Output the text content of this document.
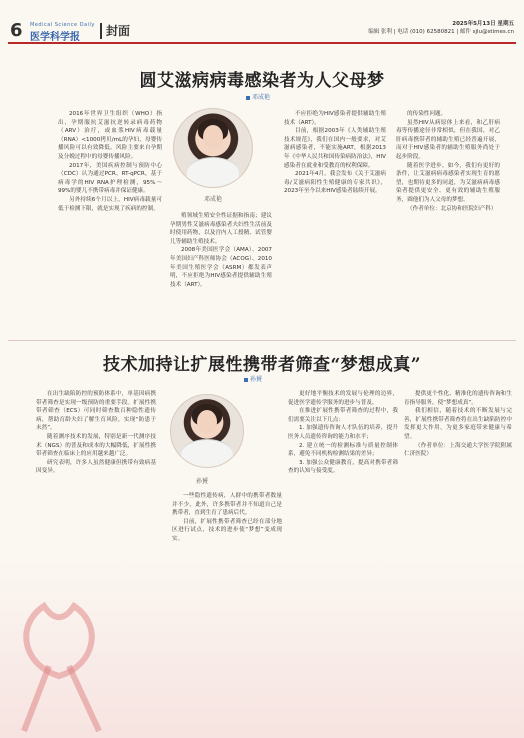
6 Medical Science Daily
医学科学报	封面	2025年5月13日 星期五
编辑 张利 | 电话 (010) 62580821 | 邮件 sjlu@stimes.cn
圆艾滋病病毒感染者为人父母梦
邓成艳

2016年世界卫生组织（WHO）指出，孕期服抗艾滋抗逆转录病毒药物（ARV）治疗，或血浆HIV病毒载量（RNA）<1000拷贝/mL的孕妇，母婴传播风险可以有效降低。风险主要来自孕期及分娩过程中的母婴传播风险。

2017年，美国疾病控制与预防中心（CDC）认为通过PCR、RT-qPCR，基于病毒学的HIV RNA护理检测，95%～99%的婴儿不携带病毒并保证健康。

另外持续6个月以上，HIV病毒载量可低于检测下限，就是实现了疾病的控制。

邓成艳

殖领域生殖安全性证据和指南；建议孕期男性艾滋病毒感染者夫妇性生活前及时使用药物，以及宫内人工授精、试管婴儿等辅助生殖技术。

2008年美国医学会（AMA）、2007年美国妇产科医师协会（ACOG）、2010年美国生殖医学会（ASRM）都发表声明，不应拒绝为HIV感染者提供辅助生殖技术（ART）。

不应拒绝为HIV感染者提供辅助生殖技术（ART）。

目前，根据2003年《人类辅助生殖技术规范》，我们在国内一般要求，对艾滋病感染者，不能实施ART，根据2013年《中华人民共和国传染病防治法》，HIV感染者在就业和受教育的权利保障。

2021年4月，我会发布《关于艾滋病毒/艾滋病阳性生殖健康的专家共识》，2023年至今以来HIV感染者陆续开展。

的传染性问题。

虽然HIV从病原体上来看，和乙肝病毒等传播途径非常相似，但在我国，对乙肝病毒携带者的辅助生殖已经普遍开展，而对于HIV感染者的辅助生殖服务尚处于起步阶段。

随着医学进步，如今，我们有更好的条件，让艾滋病病毒感染者实现生育的愿望，也期待更多的同道，为艾滋病病毒感染者提供更安全、更有效的辅助生殖服务，圆他们为人父母的梦想。

（作者单位：北京协和医院妇产科）

技术加持让扩展性携带者筛查“梦想成真”
孙贇

在出生缺陷防控的预防体系中，单基因病携带者筛查是实现一级预防的重要手段。扩展性携带者筛查（ECS）可同时筛查数百种隐性遗传病，帮助育龄夫妇了解生育风险，实现“防患于未然”。

随着测序技术的发展，特别是新一代测序技术（NGS）的普及和成本的大幅降低，扩展性携带者筛查在临床上的应用越来越广泛。

研究表明，许多人虽然健康但携带有致病基因变异。

孙贇

一些隐性遗传病，人群中的携带者数量并不少。此外，许多携带者并不知道自己是携带者，直到生育了患病后代。

目前，扩展性携带者筛查已经在部分地区进行试点，技术的进步使“梦想”变成现实。

更好地平衡技术的发展与伦理的边界，促进医学遗传学服务的进步与普及。

在推进扩展性携带者筛查的过程中，我们需要关注以下几点：

1. 加强遗传咨询人才队伍的培养，提升医务人员遗传咨询的能力和水平；

2. 建立统一的检测标准与质量控制体系，避免不同机构检测结果的差异；

3. 加强公众健康教育，提高对携带者筛查的认知与接受度。

提供更个性化、精准化的遗传咨询和生育指导服务，使“梦想成真”。

我们相信，随着技术的不断发展与完善，扩展性携带者筛查将在出生缺陷防控中发挥更大作用，为更多家庭带来健康与希望。

（作者单位：上海交通大学医学院附属仁济医院）
